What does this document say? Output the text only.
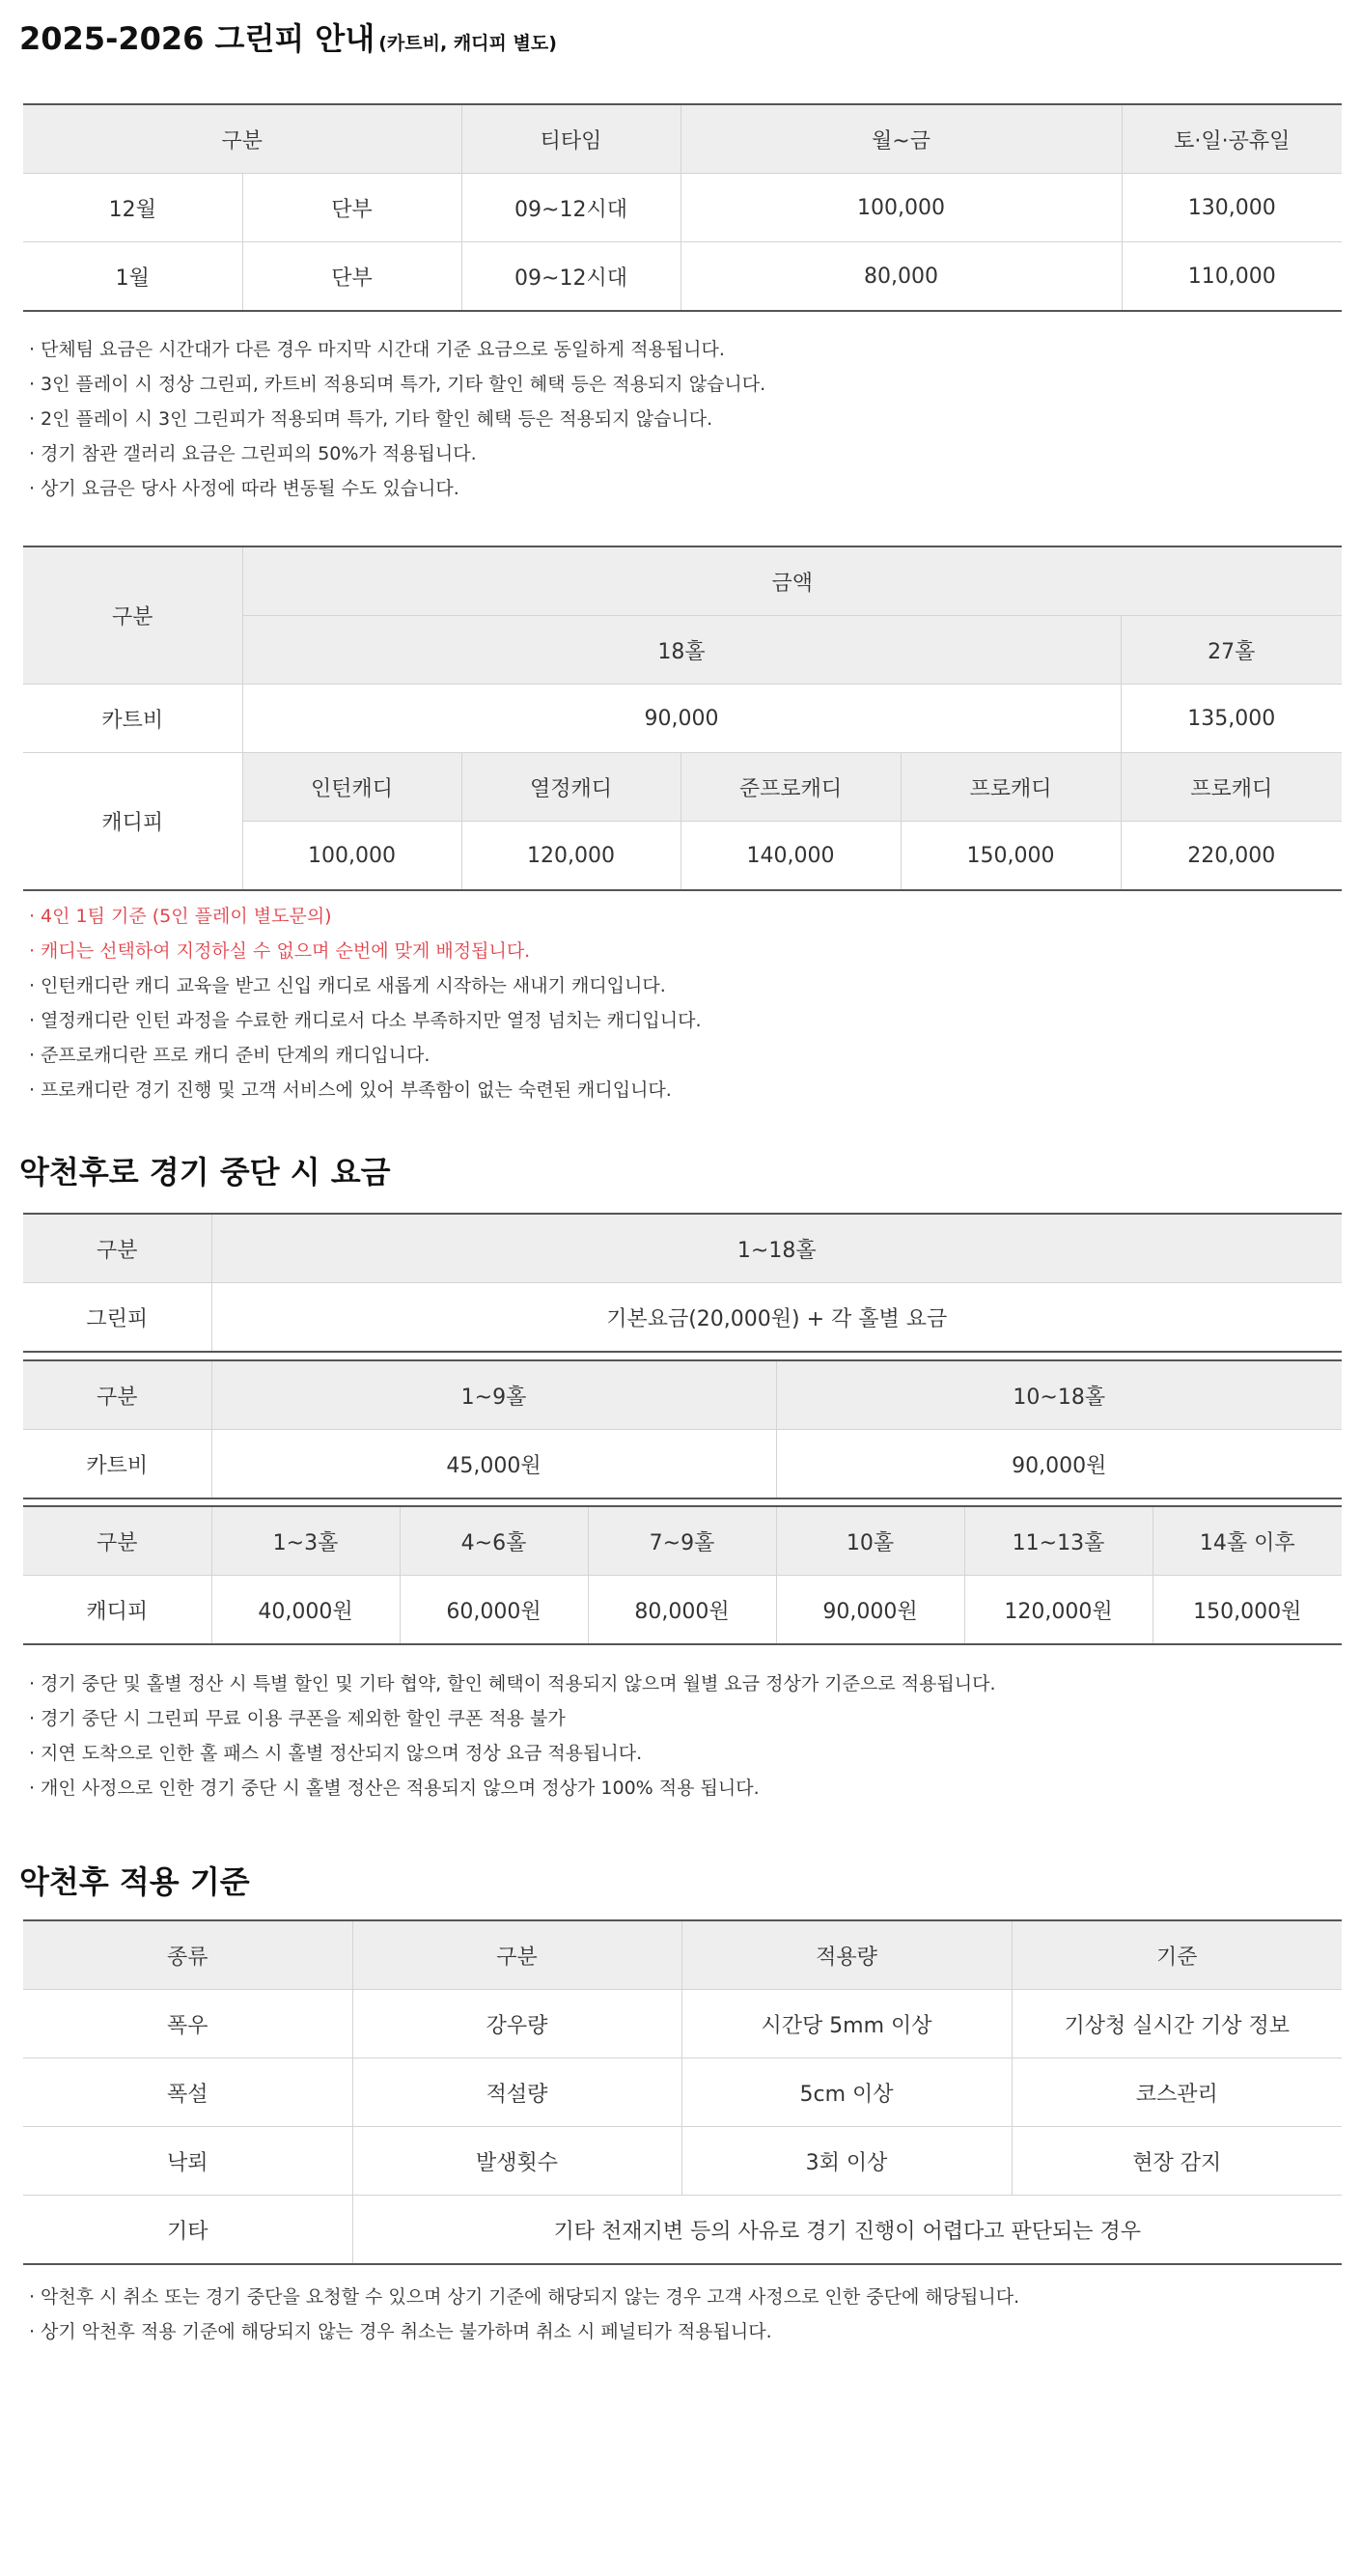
2025-2026 그린피 안내 (카트비, 캐디피 별도)
구분		티타임	월~금	토·일·공휴일
12월	단부	09~12시대	100,000	130,000
1월	단부	09~12시대	80,000	110,000
· 단체팀 요금은 시간대가 다른 경우 마지막 시간대 기준 요금으로 동일하게 적용됩니다.
· 3인 플레이 시 정상 그린피, 카트비 적용되며 특가, 기타 할인 혜택 등은 적용되지 않습니다.
· 2인 플레이 시 3인 그린피가 적용되며 특가, 기타 할인 혜택 등은 적용되지 않습니다.
· 경기 참관 갤러리 요금은 그린피의 50%가 적용됩니다.
· 상기 요금은 당사 사정에 따라 변동될 수도 있습니다.
구분	금액				
	18홀				27홀
카트비	90,000				135,000
캐디피	인턴캐디	열정캐디	준프로캐디	프로캐디	프로캐디
	100,000	120,000	140,000	150,000	220,000
· 4인 1팀 기준 (5인 플레이 별도문의)
· 캐디는 선택하여 지정하실 수 없으며 순번에 맞게 배정됩니다.
· 인턴캐디란 캐디 교육을 받고 신입 캐디로 새롭게 시작하는 새내기 캐디입니다.
· 열정캐디란 인턴 과정을 수료한 캐디로서 다소 부족하지만 열정 넘치는 캐디입니다.
· 준프로캐디란 프로 캐디 준비 단계의 캐디입니다.
· 프로캐디란 경기 진행 및 고객 서비스에 있어 부족함이 없는 숙련된 캐디입니다.
악천후로 경기 중단 시 요금
구분	1~18홀
그린피	기본요금(20,000원) + 각 홀별 요금
구분	1~9홀	10~18홀
카트비	45,000원	90,000원
구분	1~3홀	4~6홀	7~9홀	10홀	11~13홀	14홀 이후
캐디피	40,000원	60,000원	80,000원	90,000원	120,000원	150,000원
· 경기 중단 및 홀별 정산 시 특별 할인 및 기타 협약, 할인 혜택이 적용되지 않으며 월별 요금 정상가 기준으로 적용됩니다.
· 경기 중단 시 그린피 무료 이용 쿠폰을 제외한 할인 쿠폰 적용 불가
· 지연 도착으로 인한 홀 패스 시 홀별 정산되지 않으며 정상 요금 적용됩니다.
· 개인 사정으로 인한 경기 중단 시 홀별 정산은 적용되지 않으며 정상가 100% 적용 됩니다.
악천후 적용 기준
종류	구분	적용량	기준
폭우	강우량	시간당 5mm 이상	기상청 실시간 기상 정보
폭설	적설량	5cm 이상	코스관리
낙뢰	발생횟수	3회 이상	현장 감지
기타	기타 천재지변 등의 사유로 경기 진행이 어렵다고 판단되는 경우		
· 악천후 시 취소 또는 경기 중단을 요청할 수 있으며 상기 기준에 해당되지 않는 경우 고객 사정으로 인한 중단에 해당됩니다.
· 상기 악천후 적용 기준에 해당되지 않는 경우 취소는 불가하며 취소 시 페널티가 적용됩니다.
